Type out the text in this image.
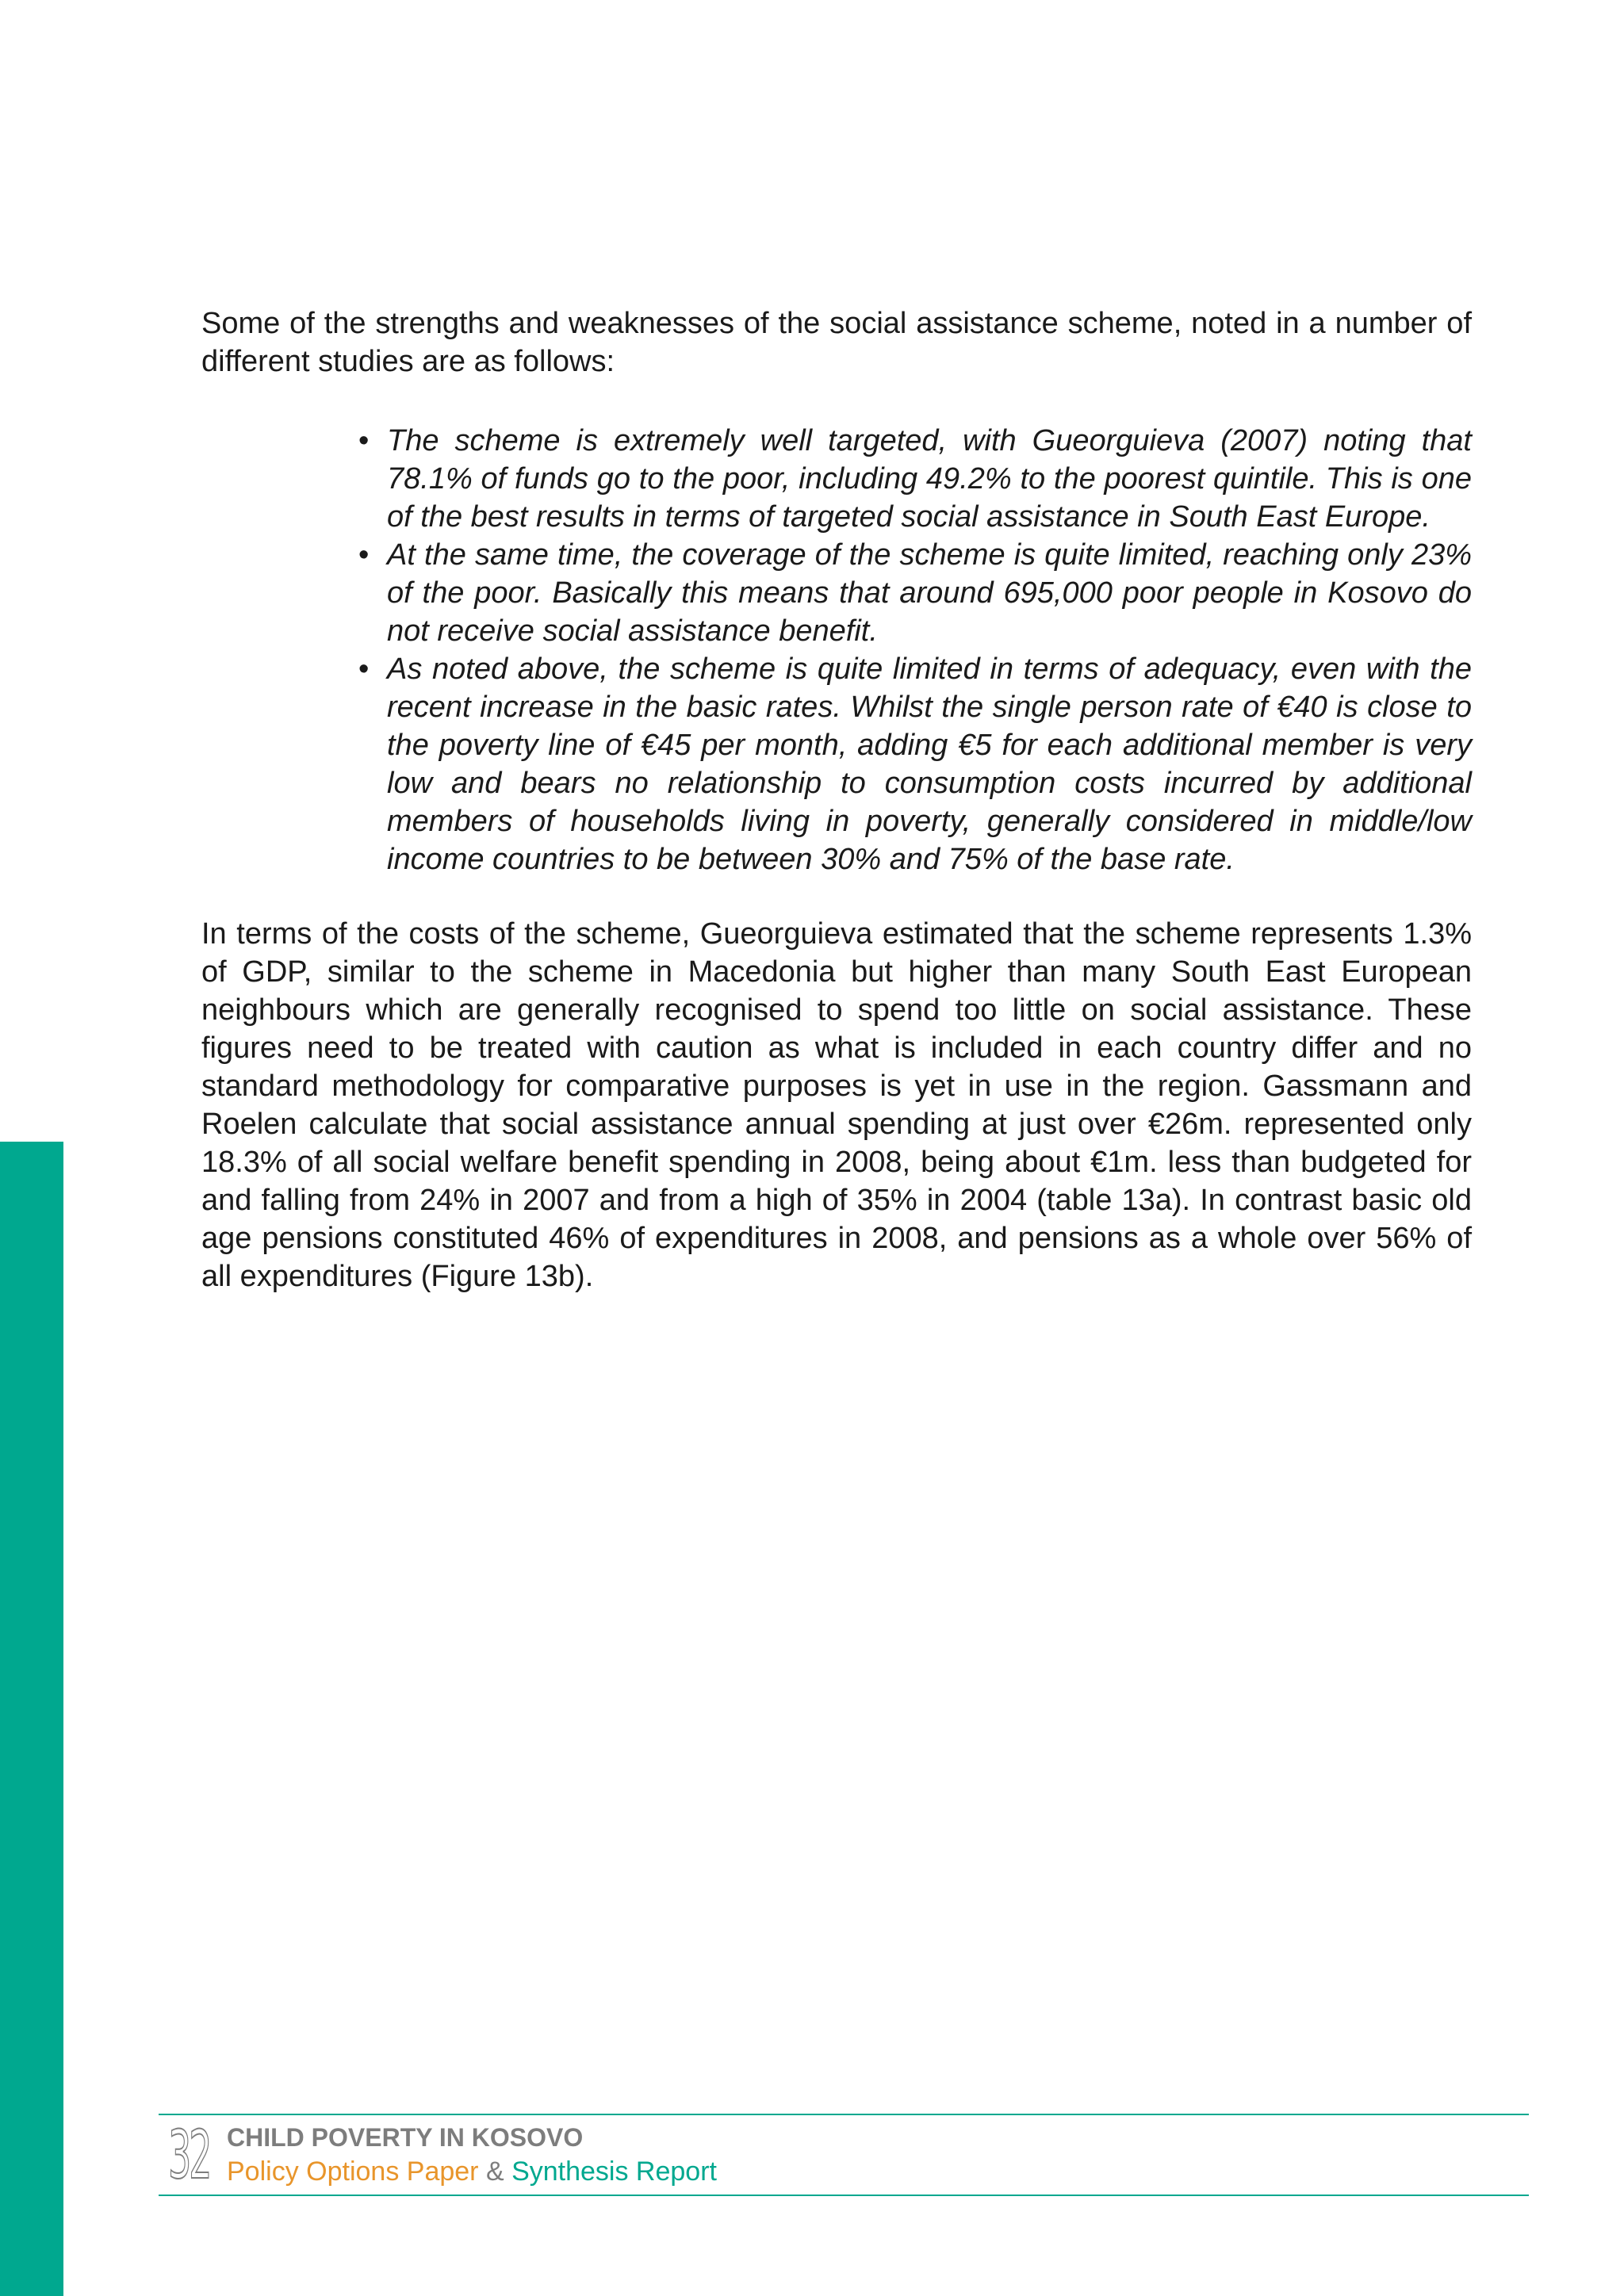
Some of the strengths and weaknesses of the social assistance scheme, noted in a number of different studies are as follows:

• The scheme is extremely well targeted, with Gueorguieva (2007) noting that 78.1% of funds go to the poor, including 49.2% to the poorest quintile. This is one of the best results in terms of targeted social assistance in South East Europe.
• At the same time, the coverage of the scheme is quite limited, reaching only 23% of the poor. Basically this means that around 695,000 poor people in Kosovo do not receive social assistance benefit.
• As noted above, the scheme is quite limited in terms of adequacy, even with the recent increase in the basic rates. Whilst the single person rate of €40 is close to the poverty line of €45 per month, adding €5 for each additional member is very low and bears no relationship to consumption costs incurred by additional members of households living in poverty, generally considered in middle/low income countries to be between 30% and 75% of the base rate.

In terms of the costs of the scheme, Gueorguieva estimated that the scheme represents 1.3% of GDP, similar to the scheme in Macedonia but higher than many South East European neighbours which are generally recognised to spend too little on social assistance. These figures need to be treated with caution as what is included in each country differ and no standard methodology for comparative purposes is yet in use in the region. Gassmann and Roelen calculate that social assistance annual spending at just over €26m. represented only 18.3% of all social welfare benefit spending in 2008, being about €1m. less than budgeted for and falling from 24% in 2007 and from a high of 35% in 2004 (table 13a). In contrast basic old age pensions constituted 46% of expenditures in 2008, and pensions as a whole over 56% of all expenditures (Figure 13b).

32 CHILD POVERTY IN KOSOVO
Policy Options Paper & Synthesis Report
